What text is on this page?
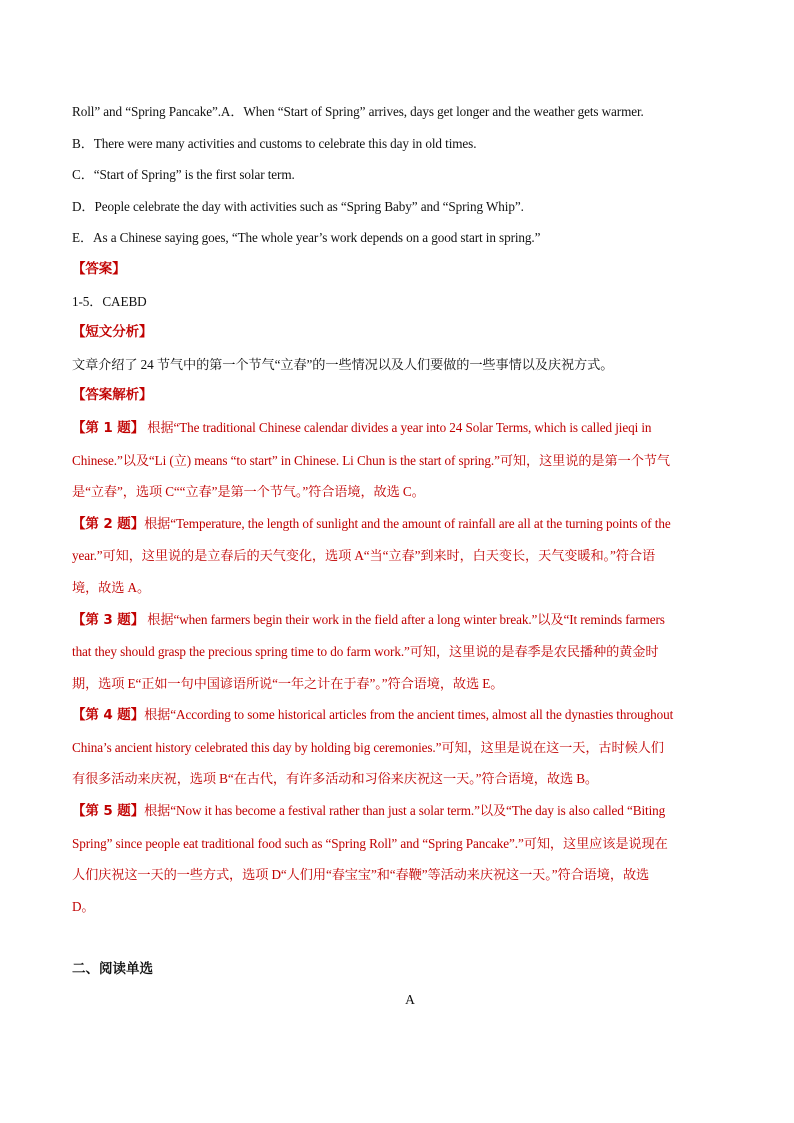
Roll” and “Spring Pancake”.A．When “Start of Spring” arrives, days get longer and the weather gets warmer.
B．There were many activities and customs to celebrate this day in old times.
C．“Start of Spring” is the first solar term.
D．People celebrate the day with activities such as “Spring Baby” and “Spring Whip”.
E．As a Chinese saying goes, “The whole year’s work depends on a good start in spring.”
【答案】
1-5．CAEBD
【短文分析】
文章介绍了 24 节气中的第一个节气“立春”的一些情况以及人们要做的一些事情以及庆祝方式。
【答案解析】
【第 1 题】 根据“The traditional Chinese calendar divides a year into 24 Solar Terms, which is called jieqi in
Chinese.”以及“Li (立) means “to start” in Chinese. Li Chun is the start of spring.”可知，这里说的是第一个节气
是“立春”，选项 C““立春”是第一个节气。”符合语境，故选 C。
【第 2 题】根据“Temperature, the length of sunlight and the amount of rainfall are all at the turning points of the
year.”可知，这里说的是立春后的天气变化，选项 A“当“立春”到来时，白天变长，天气变暖和。”符合语
境，故选 A。
【第 3 题】 根据“when farmers begin their work in the field after a long winter break.”以及“It reminds farmers
that they should grasp the precious spring time to do farm work.”可知，这里说的是春季是农民播种的黄金时
期，选项 E“正如一句中国谚语所说“一年之计在于春”。”符合语境，故选 E。
【第 4 题】根据“According to some historical articles from the ancient times, almost all the dynasties throughout
China’s ancient history celebrated this day by holding big ceremonies.”可知，这里是说在这一天，古时候人们
有很多活动来庆祝，选项 B“在古代，有许多活动和习俗来庆祝这一天。”符合语境，故选 B。
【第 5 题】根据“Now it has become a festival rather than just a solar term.”以及“The day is also called “Biting
Spring” since people eat traditional food such as “Spring Roll” and “Spring Pancake”.”可知，这里应该是说现在
人们庆祝这一天的一些方式，选项 D“人们用“春宝宝”和“春鞭”等活动来庆祝这一天。”符合语境，故选
D。
二、阅读单选
A
